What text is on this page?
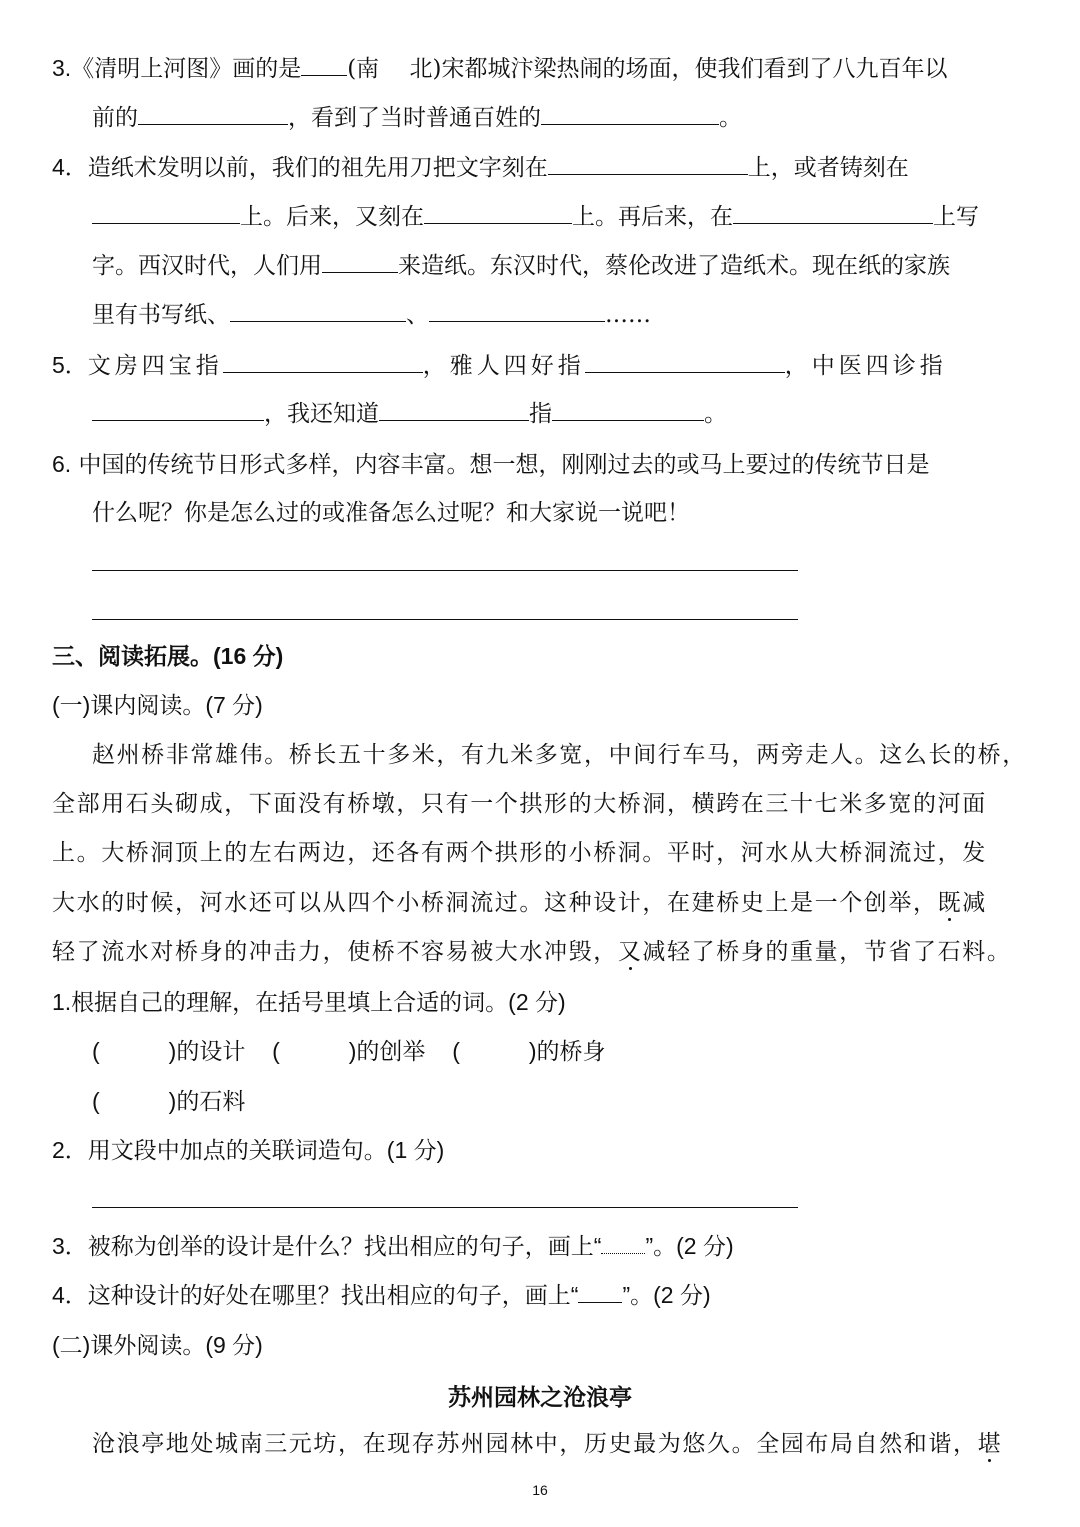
3.《清明上河图》画的是 (南　 北)宋都城汴梁热闹的场面，使我们看到了八九百年以
前的	，看到了当时普通百姓的	。
4．造纸术发明以前，我们的祖先用刀把文字刻在	上，或者铸刻在
上。后来，又刻在	上。再后来，在	上写
字。西汉时代，人们用	来造纸。东汉时代，蔡伦改进了造纸术。现在纸的家族
里有书写纸、	、	……
5．文房四宝指	，雅人四好指	，中医四诊指
，我还知道	指	。
6. 中国的传统节日形式多样，内容丰富。想一想，刚刚过去的或马上要过的传统节日是
什么呢？你是怎么过的或准备怎么过呢？和大家说一说吧！
三、阅读拓展。(16 分)
(一)课内阅读。(7 分)
赵州桥非常雄伟。桥长五十多米，有九米多宽，中间行车马，两旁走人。这么长的桥，
全部用石头砌成，下面没有桥墩，只有一个拱形的大桥洞，横跨在三十七米多宽的河面
上。大桥洞顶上的左右两边，还各有两个拱形的小桥洞。平时，河水从大桥洞流过，发
大水的时候，河水还可以从四个小桥洞流过。这种设计，在建桥史上是一个创举，既减
轻了流水对桥身的冲击力，使桥不容易被大水冲毁，又减轻了桥身的重量，节省了石料。
1.根据自己的理解，在括号里填上合适的词。(2 分)
(　　　)的设计 (　　　)的创举 (　　　)的桥身
(　　　)的石料
2．用文段中加点的关联词造句。(1 分)
3．被称为创举的设计是什么？找出相应的句子，画上“ ”。(2 分)
4．这种设计的好处在哪里？找出相应的句子，画上“ ”。(2 分)
(二)课外阅读。(9 分)
苏州园林之沧浪亭
沧浪亭地处城南三元坊，在现存苏州园林中，历史最为悠久。全园布局自然和谐，堪
16
